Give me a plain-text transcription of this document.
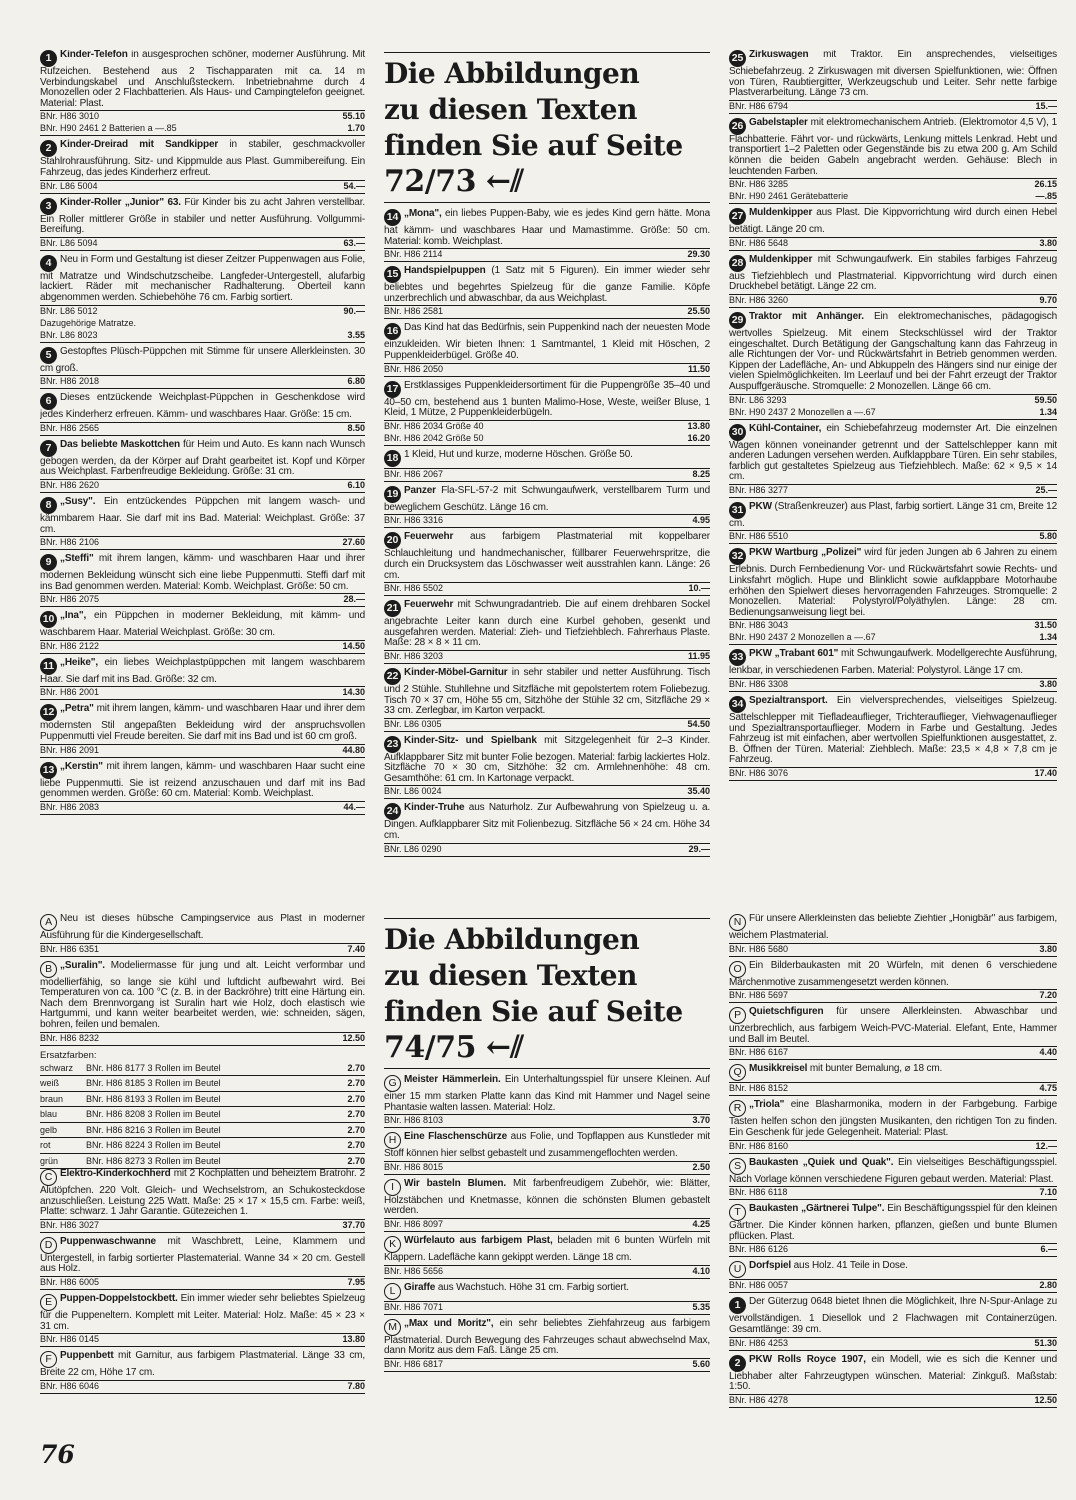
1 Kinder-Telefon in ausgesprochen schöner, moderner Ausführung. Mit Rufzeichen. Bestehend aus 2 Tischapparaten mit ca. 14 m Verbindungskabel und Anschlußsteckern. Inbetriebnahme durch 4 Monozellen oder 2 Flachbatterien. Als Haus- und Campingtelefon geeignet. Material: Plast.
BNr. H86 3010	55.10
BNr. H90 2461 2 Batterien a —.85	1.70
2 Kinder-Dreirad mit Sandkipper in stabiler, geschmackvoller Stahlrohrausführung. Sitz- und Kippmulde aus Plast. Gummibereifung. Ein Fahrzeug, das jedes Kinderherz erfreut.
BNr. L86 5004	54.—
3 Kinder-Roller „Junior" 63. Für Kinder bis zu acht Jahren verstellbar. Ein Roller mittlerer Größe in stabiler und netter Ausführung. Vollgummi-Bereifung.
BNr. L86 5094	63.—
4 Neu in Form und Gestaltung ist dieser Zeitzer Puppenwagen aus Folie, mit Matratze und Windschutzscheibe. Langfeder-Untergestell, alufarbig lackiert. Räder mit mechanischer Radhalterung. Oberteil kann abgenommen werden. Schiebehöhe 76 cm. Farbig sortiert.
BNr. L86 5012	90.—
Dazugehörige Matratze.
BNr. L86 8023	3.55
5 Gestopftes Plüsch-Püppchen mit Stimme für unsere Allerkleinsten. 30 cm groß.
BNr. H86 2018	6.80
6 Dieses entzückende Weichplast-Püppchen in Geschenkdose wird jedes Kinderherz erfreuen. Kämm- und waschbares Haar. Größe: 15 cm.
BNr. H86 2565	8.50
7 Das beliebte Maskottchen für Heim und Auto. Es kann nach Wunsch gebogen werden, da der Körper auf Draht gearbeitet ist. Kopf und Körper aus Weichplast. Farbenfreudige Bekleidung. Größe: 31 cm.
BNr. H86 2620	6.10
8 „Susy". Ein entzückendes Püppchen mit langem wasch- und kämmbarem Haar. Sie darf mit ins Bad. Material: Weichplast. Größe: 37 cm.
BNr. H86 2106	27.60
9 „Steffi" mit ihrem langen, kämm- und waschbaren Haar und ihrer modernen Bekleidung wünscht sich eine liebe Puppenmutti. Steffi darf mit ins Bad genommen werden. Material: Komb. Weichplast. Größe: 50 cm.
BNr. H86 2075	28.—
10 „Ina", ein Püppchen in moderner Bekleidung, mit kämm- und waschbarem Haar. Material Weichplast. Größe: 30 cm.
BNr. H86 2122	14.50
11 „Heike", ein liebes Weichplastpüppchen mit langem waschbarem Haar. Sie darf mit ins Bad. Größe: 32 cm.
BNr. H86 2001	14.30
12 „Petra" mit ihrem langen, kämm- und waschbaren Haar und ihrer dem modernsten Stil angepaßten Bekleidung wird der anspruchsvollen Puppenmutti viel Freude bereiten. Sie darf mit ins Bad und ist 60 cm groß.
BNr. H86 2091	44.80
13 „Kerstin" mit ihrem langen, kämm- und waschbaren Haar sucht eine liebe Puppenmutti. Sie ist reizend anzuschauen und darf mit ins Bad genommen werden. Größe: 60 cm. Material: Komb. Weichplast.
BNr. H86 2083	44.—
Die Abbildungen
zu diesen Texten
finden Sie auf Seite
72/73 ←⫽
14 „Mona", ein liebes Puppen-Baby, wie es jedes Kind gern hätte. Mona hat kämm- und waschbares Haar und Mamastimme. Größe: 50 cm. Material: komb. Weichplast.
BNr. H86 2114	29.30
15 Handspielpuppen (1 Satz mit 5 Figuren). Ein immer wieder sehr beliebtes und begehrtes Spielzeug für die ganze Familie. Köpfe unzerbrechlich und abwaschbar, da aus Weichplast.
BNr. H86 2581	25.50
16 Das Kind hat das Bedürfnis, sein Puppenkind nach der neuesten Mode einzukleiden. Wir bieten Ihnen: 1 Samtmantel, 1 Kleid mit Höschen, 2 Puppenkleiderbügel. Größe 40.
BNr. H86 2050	11.50
17 Erstklassiges Puppenkleidersortiment für die Puppengröße 35–40 und 40–50 cm, bestehend aus 1 bunten Malimo-Hose, Weste, weißer Bluse, 1 Kleid, 1 Mütze, 2 Puppenkleiderbügeln.
BNr. H86 2034 Größe 40	13.80
BNr. H86 2042 Größe 50	16.20
18 1 Kleid, Hut und kurze, moderne Höschen. Größe 50.
BNr. H86 2067	8.25
19 Panzer Fla-SFL-57-2 mit Schwungaufwerk, verstellbarem Turm und beweglichem Geschütz. Länge 16 cm.
BNr. H86 3316	4.95
20 Feuerwehr aus farbigem Plastmaterial mit koppelbarer Schlauchleitung und handmechanischer, füllbarer Feuerwehrspritze, die durch ein Drucksystem das Löschwasser weit ausstrahlen kann. Länge: 26 cm.
BNr. H86 5502	10.—
21 Feuerwehr mit Schwungradantrieb. Die auf einem drehbaren Sockel angebrachte Leiter kann durch eine Kurbel gehoben, gesenkt und ausgefahren werden. Material: Zieh- und Tiefziehblech. Fahrerhaus Plaste. Maße: 28 × 8 × 11 cm.
BNr. H86 3203	11.95
22 Kinder-Möbel-Garnitur in sehr stabiler und netter Ausführung. Tisch und 2 Stühle. Stuhllehne und Sitzfläche mit gepolstertem rotem Foliebezug. Tisch 70 × 37 cm, Höhe 55 cm, Sitzhöhe der Stühle 32 cm, Sitzfläche 29 × 33 cm. Zerlegbar, im Karton verpackt.
BNr. L86 0305	54.50
23 Kinder-Sitz- und Spielbank mit Sitzgelegenheit für 2–3 Kinder. Aufklappbarer Sitz mit bunter Folie bezogen. Material: farbig lackiertes Holz. Sitzfläche 70 × 30 cm, Sitzhöhe: 32 cm. Armlehnenhöhe: 48 cm. Gesamthöhe: 61 cm. In Kartonage verpackt.
BNr. L86 0024	35.40
24 Kinder-Truhe aus Naturholz. Zur Aufbewahrung von Spielzeug u. a. Dingen. Aufklappbarer Sitz mit Folienbezug. Sitzfläche 56 × 24 cm. Höhe 34 cm.
BNr. L86 0290	29.—
25 Zirkuswagen mit Traktor. Ein ansprechendes, vielseitiges Schiebefahrzeug. 2 Zirkuswagen mit diversen Spielfunktionen, wie: Öffnen von Türen, Raubtiergitter, Werkzeugschub und Leiter. Sehr nette farbige Plastverarbeitung. Länge 73 cm.
BNr. H86 6794	15.—
26 Gabelstapler mit elektromechanischem Antrieb. (Elektromotor 4,5 V), 1 Flachbatterie. Fährt vor- und rückwärts, Lenkung mittels Lenkrad. Hebt und transportiert 1–2 Paletten oder Gegenstände bis zu etwa 200 g. Am Schild können die beiden Gabeln angebracht werden. Gehäuse: Blech in leuchtenden Farben.
BNr. H86 3285	26.15
BNr. H90 2461 Gerätebatterie	—.85
27 Muldenkipper aus Plast. Die Kippvorrichtung wird durch einen Hebel betätigt. Länge 20 cm.
BNr. H86 5648	3.80
28 Muldenkipper mit Schwungaufwerk. Ein stabiles farbiges Fahrzeug aus Tiefziehblech und Plastmaterial. Kippvorrichtung wird durch einen Druckhebel betätigt. Länge 22 cm.
BNr. H86 3260	9.70
29 Traktor mit Anhänger. Ein elektromechanisches, pädagogisch wertvolles Spielzeug. Mit einem Steckschlüssel wird der Traktor eingeschaltet. Durch Betätigung der Gangschaltung kann das Fahrzeug in alle Richtungen der Vor- und Rückwärtsfahrt in Betrieb genommen werden. Kippen der Ladefläche, An- und Abkuppeln des Hängers sind nur einige der vielen Spielmöglichkeiten. Im Leerlauf und bei der Fahrt erzeugt der Traktor Auspuffgeräusche. Stromquelle: 2 Monozellen. Länge 66 cm.
BNr. L86 3293	59.50
BNr. H90 2437 2 Monozellen a —.67	1.34
30 Kühl-Container, ein Schiebefahrzeug modernster Art. Die einzelnen Wagen können voneinander getrennt und der Sattelschlepper kann mit anderen Ladungen versehen werden. Aufklappbare Türen. Ein sehr stabiles, farblich gut gestaltetes Spielzeug aus Tiefziehblech. Maße: 62 × 9,5 × 14 cm.
BNr. H86 3277	25.—
31 PKW (Straßenkreuzer) aus Plast, farbig sortiert. Länge 31 cm, Breite 12 cm.
BNr. H86 5510	5.80
32 PKW Wartburg „Polizei" wird für jeden Jungen ab 6 Jahren zu einem Erlebnis. Durch Fernbedienung Vor- und Rückwärtsfahrt sowie Rechts- und Linksfahrt möglich. Hupe und Blinklicht sowie aufklappbare Motorhaube erhöhen den Spielwert dieses hervorragenden Fahrzeuges. Stromquelle: 2 Monozellen. Material: Polystyrol/Polyäthylen. Länge: 28 cm. Bedienungsanweisung liegt bei.
BNr. H86 3043	31.50
BNr. H90 2437 2 Monozellen a —.67	1.34
33 PKW „Trabant 601" mit Schwungaufwerk. Modellgerechte Ausführung, lenkbar, in verschiedenen Farben. Material: Polystyrol. Länge 17 cm.
BNr. H86 3308	3.80
34 Spezialtransport. Ein vielversprechendes, vielseitiges Spielzeug. Sattelschlepper mit Tiefladeauflieger, Trichterauflieger, Viehwagenauflieger und Spezialtransportauflieger. Modern in Farbe und Gestaltung. Jedes Fahrzeug ist mit einfachen, aber wertvollen Spielfunktionen ausgestattet, z. B. Öffnen der Türen. Material: Ziehblech. Maße: 23,5 × 4,8 × 7,8 cm je Fahrzeug.
BNr. H86 3076	17.40
A Neu ist dieses hübsche Campingservice aus Plast in moderner Ausführung für die Kindergesellschaft.
BNr. H86 6351	7.40
B „Suralin". Modeliermasse für jung und alt. Leicht verformbar und modellierfähig, so lange sie kühl und luftdicht aufbewahrt wird. Bei Temperaturen von ca. 100 °C (z. B. in der Backröhre) tritt eine Härtung ein. Nach dem Brennvorgang ist Suralin hart wie Holz, doch elastisch wie Hartgummi, und kann weiter bearbeitet werden, wie: schneiden, sägen, bohren, feilen und bemalen.
BNr. H86 8232	12.50
Ersatzfarben:
schwarz	BNr. H86 8177 3 Rollen im Beutel	2.70
weiß	BNr. H86 8185 3 Rollen im Beutel	2.70
braun	BNr. H86 8193 3 Rollen im Beutel	2.70
blau	BNr. H86 8208 3 Rollen im Beutel	2.70
gelb	BNr. H86 8216 3 Rollen im Beutel	2.70
rot	BNr. H86 8224 3 Rollen im Beutel	2.70
grün	BNr. H86 8273 3 Rollen im Beutel	2.70
C Elektro-Kinderkochherd mit 2 Kochplatten und beheiztem Bratrohr. 2 Alutöpfchen. 220 Volt. Gleich- und Wechselstrom, an Schukosteckdose anzuschließen. Leistung 225 Watt. Maße: 25 × 17 × 15,5 cm. Farbe: weiß, Platte: schwarz. 1 Jahr Garantie. Gütezeichen 1.
BNr. H86 3027	37.70
D Puppenwaschwanne mit Waschbrett, Leine, Klammern und Untergestell, in farbig sortierter Plastematerial. Wanne 34 × 20 cm. Gestell aus Holz.
BNr. H86 6005	7.95
E Puppen-Doppelstockbett. Ein immer wieder sehr beliebtes Spielzeug für die Puppeneltern. Komplett mit Leiter. Material: Holz. Maße: 45 × 23 × 31 cm.
BNr. H86 0145	13.80
F Puppenbett mit Garnitur, aus farbigem Plastmaterial. Länge 33 cm, Breite 22 cm, Höhe 17 cm.
BNr. H86 6046	7.80
Die Abbildungen
zu diesen Texten
finden Sie auf Seite
74/75 ←⫽
G Meister Hämmerlein. Ein Unterhaltungsspiel für unsere Kleinen. Auf einer 15 mm starken Platte kann das Kind mit Hammer und Nagel seine Phantasie walten lassen. Material: Holz.
BNr. H86 8103	3.70
H Eine Flaschenschürze aus Folie, und Topflappen aus Kunstleder mit Stoff können hier selbst gebastelt und zusammengeflochten werden.
BNr. H86 8015	2.50
I Wir basteln Blumen. Mit farbenfreudigem Zubehör, wie: Blätter, Holzstäbchen und Knetmasse, können die schönsten Blumen gebastelt werden.
BNr. H86 8097	4.25
K Würfelauto aus farbigem Plast, beladen mit 6 bunten Würfeln mit Klappern. Ladefläche kann gekippt werden. Länge 18 cm.
BNr. H86 5656	4.10
L Giraffe aus Wachstuch. Höhe 31 cm. Farbig sortiert.
BNr. H86 7071	5.35
M „Max und Moritz", ein sehr beliebtes Ziehfahrzeug aus farbigem Plastmaterial. Durch Bewegung des Fahrzeuges schaut abwechselnd Max, dann Moritz aus dem Faß. Länge 25 cm.
BNr. H86 6817	5.60
N Für unsere Allerkleinsten das beliebte Ziehtier „Honigbär" aus farbigem, weichem Plastmaterial.
BNr. H86 5680	3.80
O Ein Bilderbaukasten mit 20 Würfeln, mit denen 6 verschiedene Märchenmotive zusammengesetzt werden können.
BNr. H86 5697	7.20
P Quietschfiguren für unsere Allerkleinsten. Abwaschbar und unzerbrechlich, aus farbigem Weich-PVC-Material. Elefant, Ente, Hammer und Ball im Beutel.
BNr. H86 6167	4.40
Q Musikkreisel mit bunter Bemalung, ⌀ 18 cm.
BNr. H86 8152	4.75
R „Triola" eine Blasharmonika, modern in der Farbgebung. Farbige Tasten helfen schon den jüngsten Musikanten, den richtigen Ton zu finden. Ein Geschenk für jede Gelegenheit. Material: Plast.
BNr. H86 8160	12.—
S Baukasten „Quiek und Quak". Ein vielseitiges Beschäftigungsspiel. Nach Vorlage können verschiedene Figuren gebaut werden. Material: Plast.
BNr. H86 6118	7.10
T Baukasten „Gärtnerei Tulpe". Ein Beschäftigungsspiel für den kleinen Gärtner. Die Kinder können harken, pflanzen, gießen und bunte Blumen pflücken. Plast.
BNr. H86 6126	6.—
U Dorfspiel aus Holz. 41 Teile in Dose.
BNr. H86 0057	2.80
1 Der Güterzug 0648 bietet Ihnen die Möglichkeit, Ihre N-Spur-Anlage zu vervollständigen. 1 Diesellok und 2 Flachwagen mit Containerzügen. Gesamtlänge: 39 cm.
BNr. H86 4253	51.30
2 PKW Rolls Royce 1907, ein Modell, wie es sich die Kenner und Liebhaber alter Fahrzeugtypen wünschen. Material: Zinkguß. Maßstab: 1:50.
BNr. H86 4278	12.50
76
